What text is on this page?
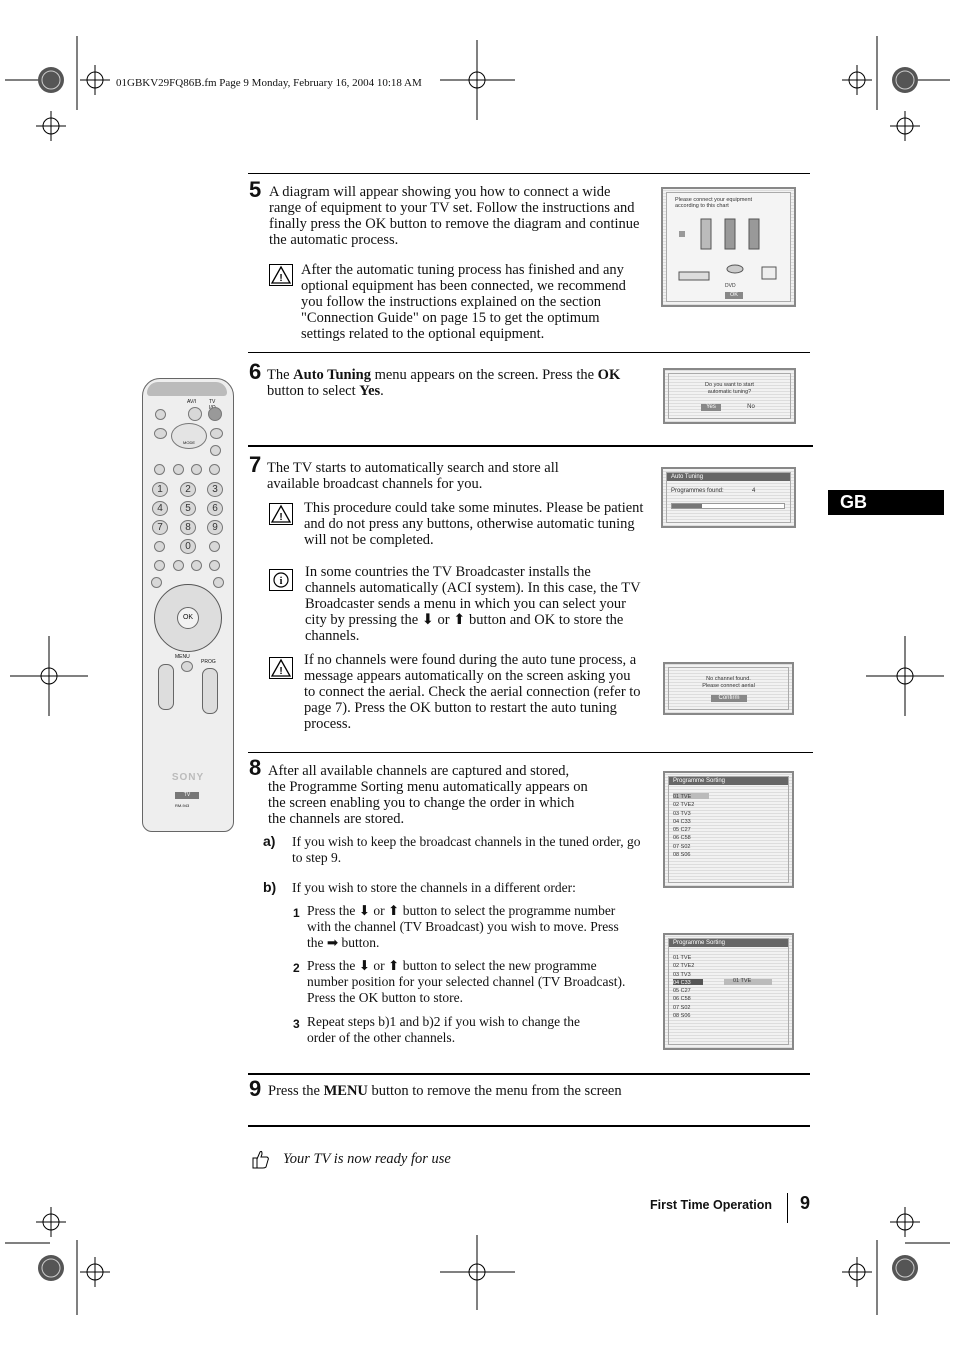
01GBKV29FQ86B.fm Page 9 Monday, February 16, 2004 10:18 AM
GB
5 A diagram will appear showing you how to connect a wide range of equipment to your TV set. Follow the instructions and finally press the OK button to remove the diagram and continue the automatic process.
!
After the automatic tuning process has finished and any optional equipment has been connected, we recommend you follow the instructions explained on the section "Connection Guide" on page 15 to get the optimum settings related to the optional equipment.
Please connect your equipment according to this chart
DVD
OK
6 The Auto Tuning menu appears on the screen. Press the OK button to select Yes.	Do you want to start
automatic tuning?
Yes	No
7 The TV starts to automatically search and store all available broadcast channels for you.
!
This procedure could take some minutes. Please be patient and do not press any buttons, otherwise automatic tuning will not be completed.
i
In some countries the TV Broadcaster installs the channels automatically (ACI system). In this case, the TV Broadcaster sends a menu in which you can select your city by pressing the ⬇ or ⬆ button and OK to store the channels.
!
If no channels were found during the auto tune process, a message appears automatically on the screen asking you to connect the aerial. Check the aerial connection (refer to page 7). Press the OK button to restart the auto tuning process.
Auto Tuning
Programmes found:	4
No channel found.
Please connect aerial
Confirm
8 After all available channels are captured and stored, the Programme Sorting menu automatically appears on the screen enabling you to change the order in which the channels are stored.
a) If you wish to keep the broadcast channels in the tuned order, go to step 9.
b) If you wish to store the channels in a different order:
1 Press the ⬇ or ⬆ button to select the programme number with the channel (TV Broadcast) you wish to move. Press the ➡ button.
2 Press the ⬇ or ⬆ button to select the new programme number position for your selected channel (TV Broadcast). Press the OK button to store.
3 Repeat steps b)1 and b)2 if you wish to change the order of the other channels.
Programme Sorting
01 TVE
02 TVE2
03 TV3
04 C33
05 C27
06 C58
07 S02
08 S06
Programme Sorting
01 TVE
01 TVE
02 TVE2
03 TV3
04 C33
05 C27
06 C58
07 S02
08 S06
9 Press the MENU button to remove the menu from the screen
Your TV is now ready for use
First Time Operation 9
AV/I	TV
MODE
1	2	3
4	5	6
7	8	9
0
OK
MENU
PROG
SONY
TV
RM-943
